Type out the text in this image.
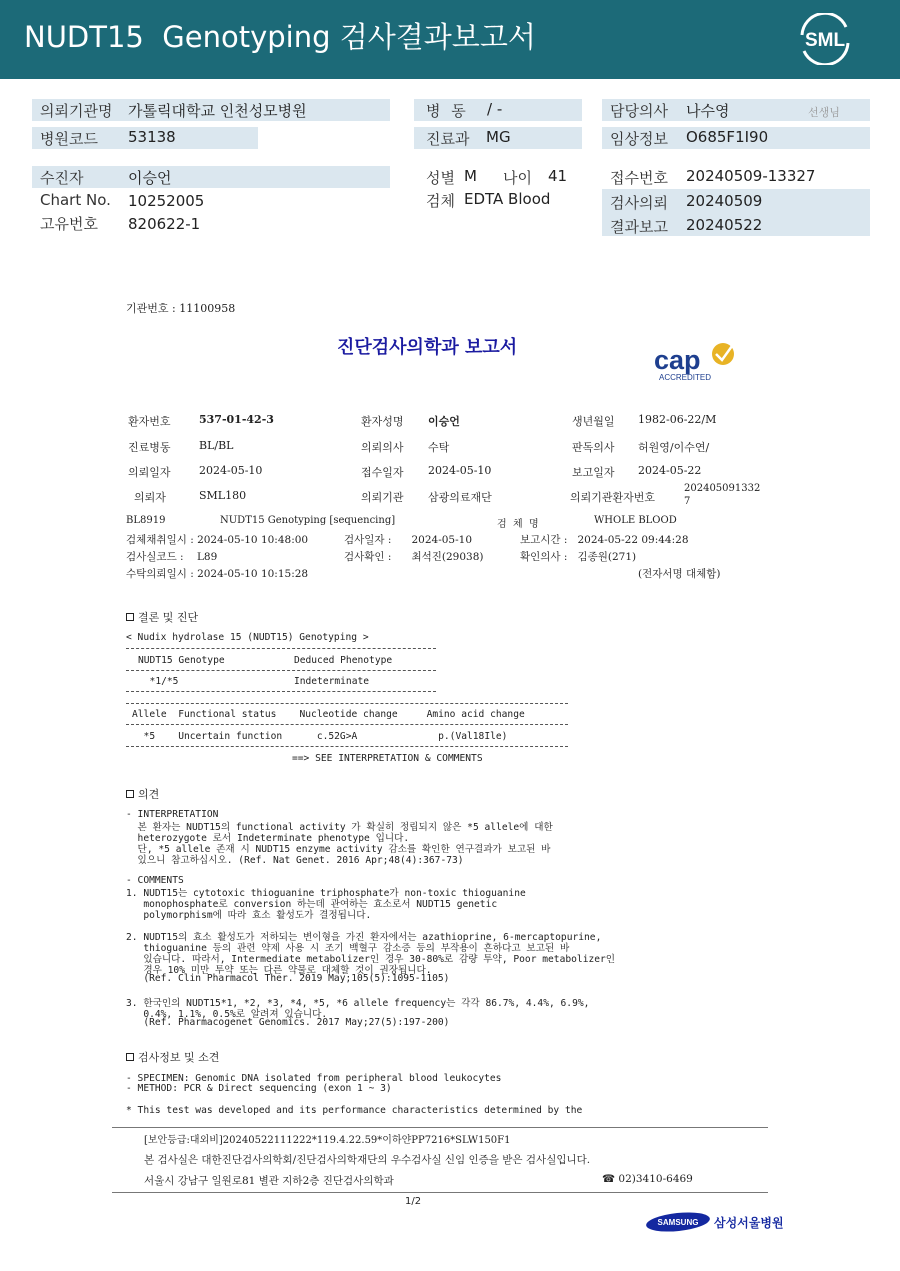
NUDT15  Genotyping 검사결과보고서	SML
의뢰기관명 가톨릭대학교 인천성모병원	병 동 / -	담당의사 나수영	선생님
병원코드 53138	진료과 MG	임상정보 O685F1I90
수진자	이승언	성별 M 나이 41	접수번호 20240509-13327
Chart No. 10252005	검체 EDTA Blood	검사의뢰 20240509
고유번호 820622-1	결과보고 20240522
기관번호 : 11100958
진단검사의학과 보고서	cap
ACCREDITED
환자번호	537-01-42-3	환자성명 이승언	생년월일 1982-06-22/M
진료병동	BL/BL	의뢰의사 수탁	판독의사 허원영/이수연/
의뢰일자	2024-05-10	접수일자 2024-05-10	보고일자 2024-05-22
의뢰자	SML180	의뢰기관 삼광의료재단	의뢰기관환자번호
202405091332
7
BL8919	NUDT15 Genotyping [sequencing]	검  체  명	WHOLE BLOOD
검체채취일시 : 2024-05-10 10:48:00	검사일자 :      2024-05-10	보고시간 :   2024-05-22 09:44:28
검사실코드 :    L89	검사확인 :      최석진(29038)	확인의사 :   김종원(271)
수탁의뢰일시 : 2024-05-10 10:15:28	(전자서명 대체함)
결론 및 진단
< Nudix hydrolase 15 (NUDT15) Genotyping >
NUDT15 Genotype            Deduced Phenotype
*1/*5                    Indeterminate
Allele  Functional status    Nucleotide change     Amino acid change
*5    Uncertain function      c.52G>A              p.(Val18Ile)
==> SEE INTERPRETATION & COMMENTS
의견
- INTERPRETATION
본 환자는 NUDT15의 functional activity 가 확실히 정립되지 않은 *5 allele에 대한
heterozygote 로서 Indeterminate phenotype 입니다.
단, *5 allele 존재 시 NUDT15 enzyme activity 감소를 확인한 연구결과가 보고된 바
있으니 참고하십시오. (Ref. Nat Genet. 2016 Apr;48(4):367-73)
- COMMENTS
1. NUDT15는 cytotoxic thioguanine triphosphate가 non-toxic thioguanine
monophosphate로 conversion 하는데 관여하는 효소로서 NUDT15 genetic
polymorphism에 따라 효소 활성도가 결정됩니다.
2. NUDT15의 효소 활성도가 저하되는 변이형을 가진 환자에서는 azathioprine, 6-mercaptopurine,
thioguanine 등의 관련 약제 사용 시 조기 백혈구 감소증 등의 부작용이 흔하다고 보고된 바
있습니다. 따라서, Intermediate metabolizer인 경우 30-80%로 감량 투약, Poor metabolizer인
경우 10% 미만 투약 또는 다른 약물로 대체할 것이 권장됩니다.
(Ref. Clin Pharmacol Ther. 2019 May;105(5):1095-1105)
3. 한국인의 NUDT15*1, *2, *3, *4, *5, *6 allele frequency는 각각 86.7%, 4.4%, 6.9%,
0.4%, 1.1%, 0.5%로 알려져 있습니다.
(Ref. Pharmacogenet Genomics. 2017 May;27(5):197-200)
검사정보 및 소견
- SPECIMEN: Genomic DNA isolated from peripheral blood leukocytes
- METHOD: PCR & Direct sequencing (exon 1 ~ 3)
* This test was developed and its performance characteristics determined by the
[보안등급:대외비]20240522111222*119.4.22.59*이하얀PP7216*SLW150F1
본 검사실은 대한진단검사의학회/진단검사의학재단의 우수검사실 신임 인증을 받은 검사실입니다.
서울시 강남구 일원로81 별관 지하2층 진단검사의학과	☎ 02)3410-6469
1/2
SAMSUNG 삼성서울병원
